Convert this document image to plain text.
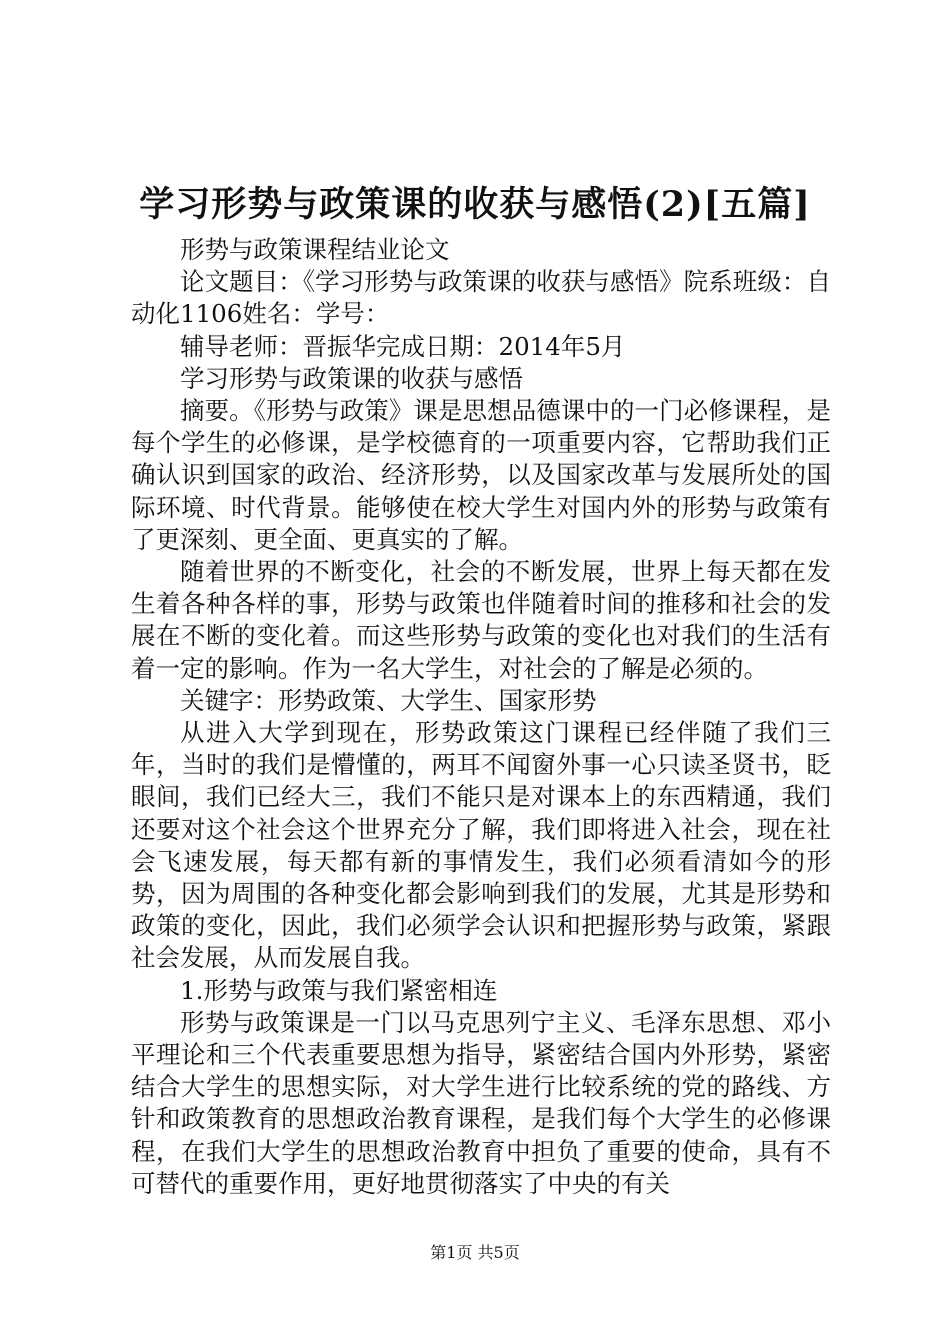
学习形势与政策课的收获与感悟(2)[五篇]

形势与政策课程结业论文

论文题目：《学习形势与政策课的收获与感悟》院系班级：自动化1106姓名：学号：

辅导老师：晋振华完成日期：2014年5月

学习形势与政策课的收获与感悟

摘要。《形势与政策》课是思想品德课中的一门必修课程，是每个学生的必修课，是学校德育的一项重要内容，它帮助我们正确认识到国家的政治、经济形势，以及国家改革与发展所处的国际环境、时代背景。能够使在校大学生对国内外的形势与政策有了更深刻、更全面、更真实的了解。

随着世界的不断变化，社会的不断发展，世界上每天都在发生着各种各样的事，形势与政策也伴随着时间的推移和社会的发展在不断的变化着。而这些形势与政策的变化也对我们的生活有着一定的影响。作为一名大学生，对社会的了解是必须的。

关键字：形势政策、大学生、国家形势

从进入大学到现在，形势政策这门课程已经伴随了我们三年，当时的我们是懵懂的，两耳不闻窗外事一心只读圣贤书，眨眼间，我们已经大三，我们不能只是对课本上的东西精通，我们还要对这个社会这个世界充分了解，我们即将进入社会，现在社会飞速发展，每天都有新的事情发生，我们必须看清如今的形势，因为周围的各种变化都会影响到我们的发展，尤其是形势和政策的变化，因此，我们必须学会认识和把握形势与政策，紧跟社会发展，从而发展自我。

1.形势与政策与我们紧密相连

形势与政策课是一门以马克思列宁主义、毛泽东思想、邓小平理论和三个代表重要思想为指导，紧密结合国内外形势，紧密结合大学生的思想实际，对大学生进行比较系统的党的路线、方针和政策教育的思想政治教育课程，是我们每个大学生的必修课程，在我们大学生的思想政治教育中担负了重要的使命，具有不可替代的重要作用，更好地贯彻落实了中央的有关

第1页 共5页
